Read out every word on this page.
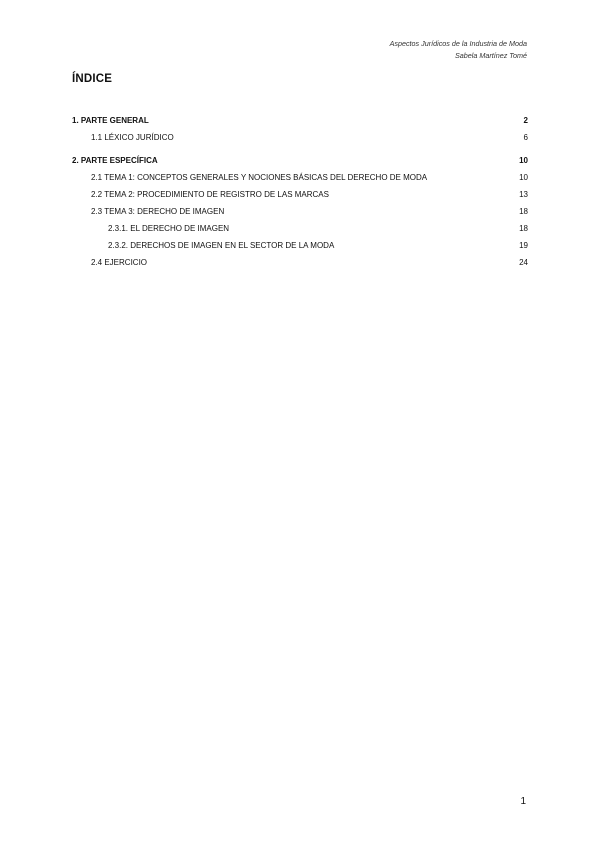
Aspectos Jurídicos de la Industria de Moda
Sabela Martínez Tomé
ÍNDICE
1. PARTE GENERAL	2
1.1 LÉXICO JURÍDICO	6
2. PARTE ESPECÍFICA	10
2.1 TEMA 1: CONCEPTOS GENERALES Y NOCIONES BÁSICAS DEL DERECHO DE MODA	10
2.2 TEMA 2: PROCEDIMIENTO DE REGISTRO DE LAS MARCAS	13
2.3 TEMA 3: DERECHO DE IMAGEN	18
2.3.1. EL DERECHO DE IMAGEN	18
2.3.2. DERECHOS DE IMAGEN EN EL SECTOR DE LA MODA	19
2.4 EJERCICIO	24
1
